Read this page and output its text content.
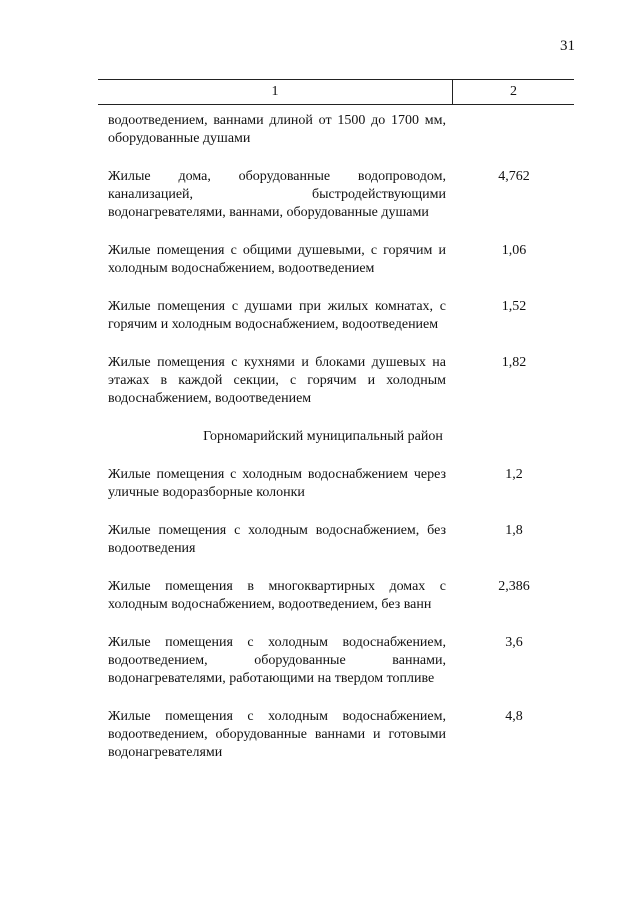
31
1	2
водоотведением, ваннами длиной от 1500 до 1700 мм, оборудованные душами
Жилые дома, оборудованные водопроводом, канализацией, быстродействующими водонагревателями, ваннами, оборудованные душами
4,762
Жилые помещения с общими душевыми, с горячим и холодным водоснабжением, водоотведением
1,06
Жилые помещения с душами при жилых комнатах, с горячим и холодным водоснабжением, водоотведением
1,52
Жилые помещения с кухнями и блоками душевых на этажах в каждой секции, с горячим и холодным водоснабжением, водоотведением
1,82
Горномарийский муниципальный район
Жилые помещения с холодным водоснабжением через уличные водоразборные колонки
1,2
Жилые помещения с холодным водоснабжением, без водоотведения
1,8
Жилые помещения в многоквартирных домах с холодным водоснабжением, водоотведением, без ванн
2,386
Жилые помещения с холодным водоснабжением, водоотведением, оборудованные ваннами, водонагревателями, работающими на твердом топливе
3,6
Жилые помещения с холодным водоснабжением, водоотведением, оборудованные ваннами и готовыми водонагревателями
4,8
